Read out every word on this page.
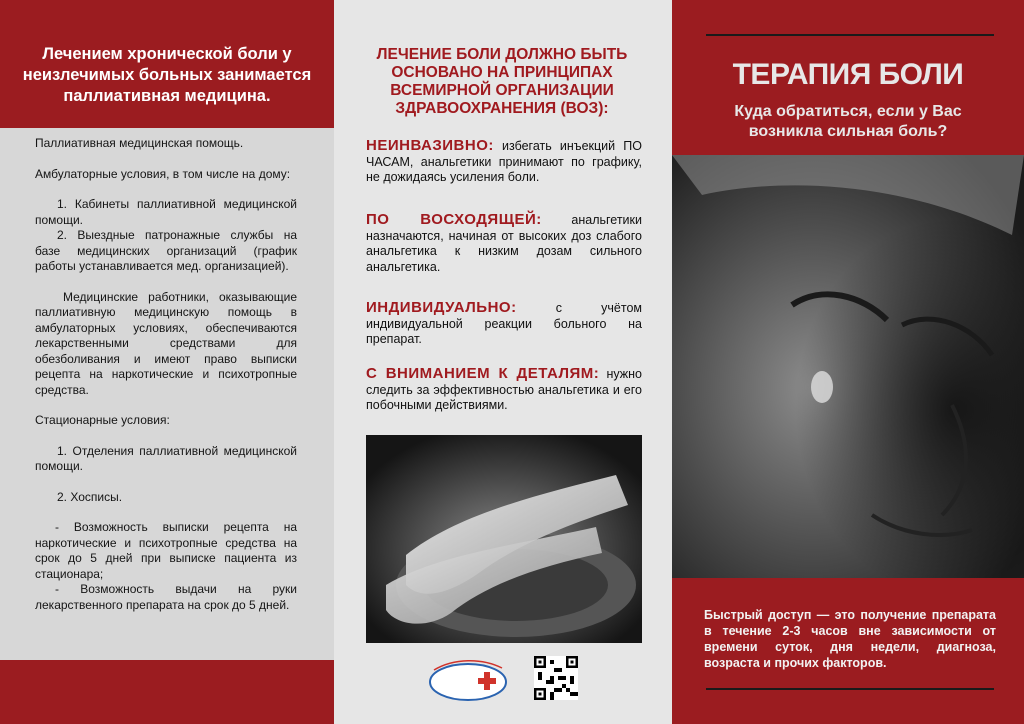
Лечением хронической боли у неизлечимых больных занимается паллиативная медицина.

Паллиативная медицинская помощь.

Амбулаторные условия, в том числе на дому:

1. Кабинеты паллиативной медицинской помощи.

2. Выездные патронажные службы на базе медицинских организаций (график работы устанавливается мед. организацией).

Медицинские работники, оказывающие паллиативную медицинскую помощь в амбулаторных условиях, обеспечиваются лекарственными средствами для обезболивания и имеют право выписки рецепта на наркотические и психотропные средства.

Стационарные условия:

1. Отделения паллиативной медицинской помощи.

2. Хосписы.

- Возможность выписки рецепта на наркотические и психотропные средства на срок до 5 дней при выписке пациента из стационара;

- Возможность выдачи на руки лекарственного препарата на срок до 5 дней.

ЛЕЧЕНИЕ БОЛИ ДОЛЖНО БЫТЬ ОСНОВАНО НА ПРИНЦИПАХ ВСЕМИРНОЙ ОРГАНИЗАЦИИ ЗДРАВООХРАНЕНИЯ (ВОЗ):
НЕИНВАЗИВНО: избегать инъекций ПО ЧАСАМ, анальгетики принимают по графику, не дожидаясь усиления боли.
ПО ВОСХОДЯЩЕЙ: анальгетики назначаются, начиная от высоких доз слабого анальгетика к низким дозам сильного анальгетика.
ИНДИВИДУАЛЬНО: с учётом индивидуальной реакции больного на препарат.
С ВНИМАНИЕМ К ДЕТАЛЯМ: нужно следить за эффективностью анальгетика и его побочными действиями.
ТЕРАПИЯ БОЛИ
Куда обратиться, если у Вас возникла сильная боль?
Быстрый доступ — это получение препарата в течение 2-3 часов вне зависимости от времени суток, дня недели, диагноза, возраста и прочих факторов.
